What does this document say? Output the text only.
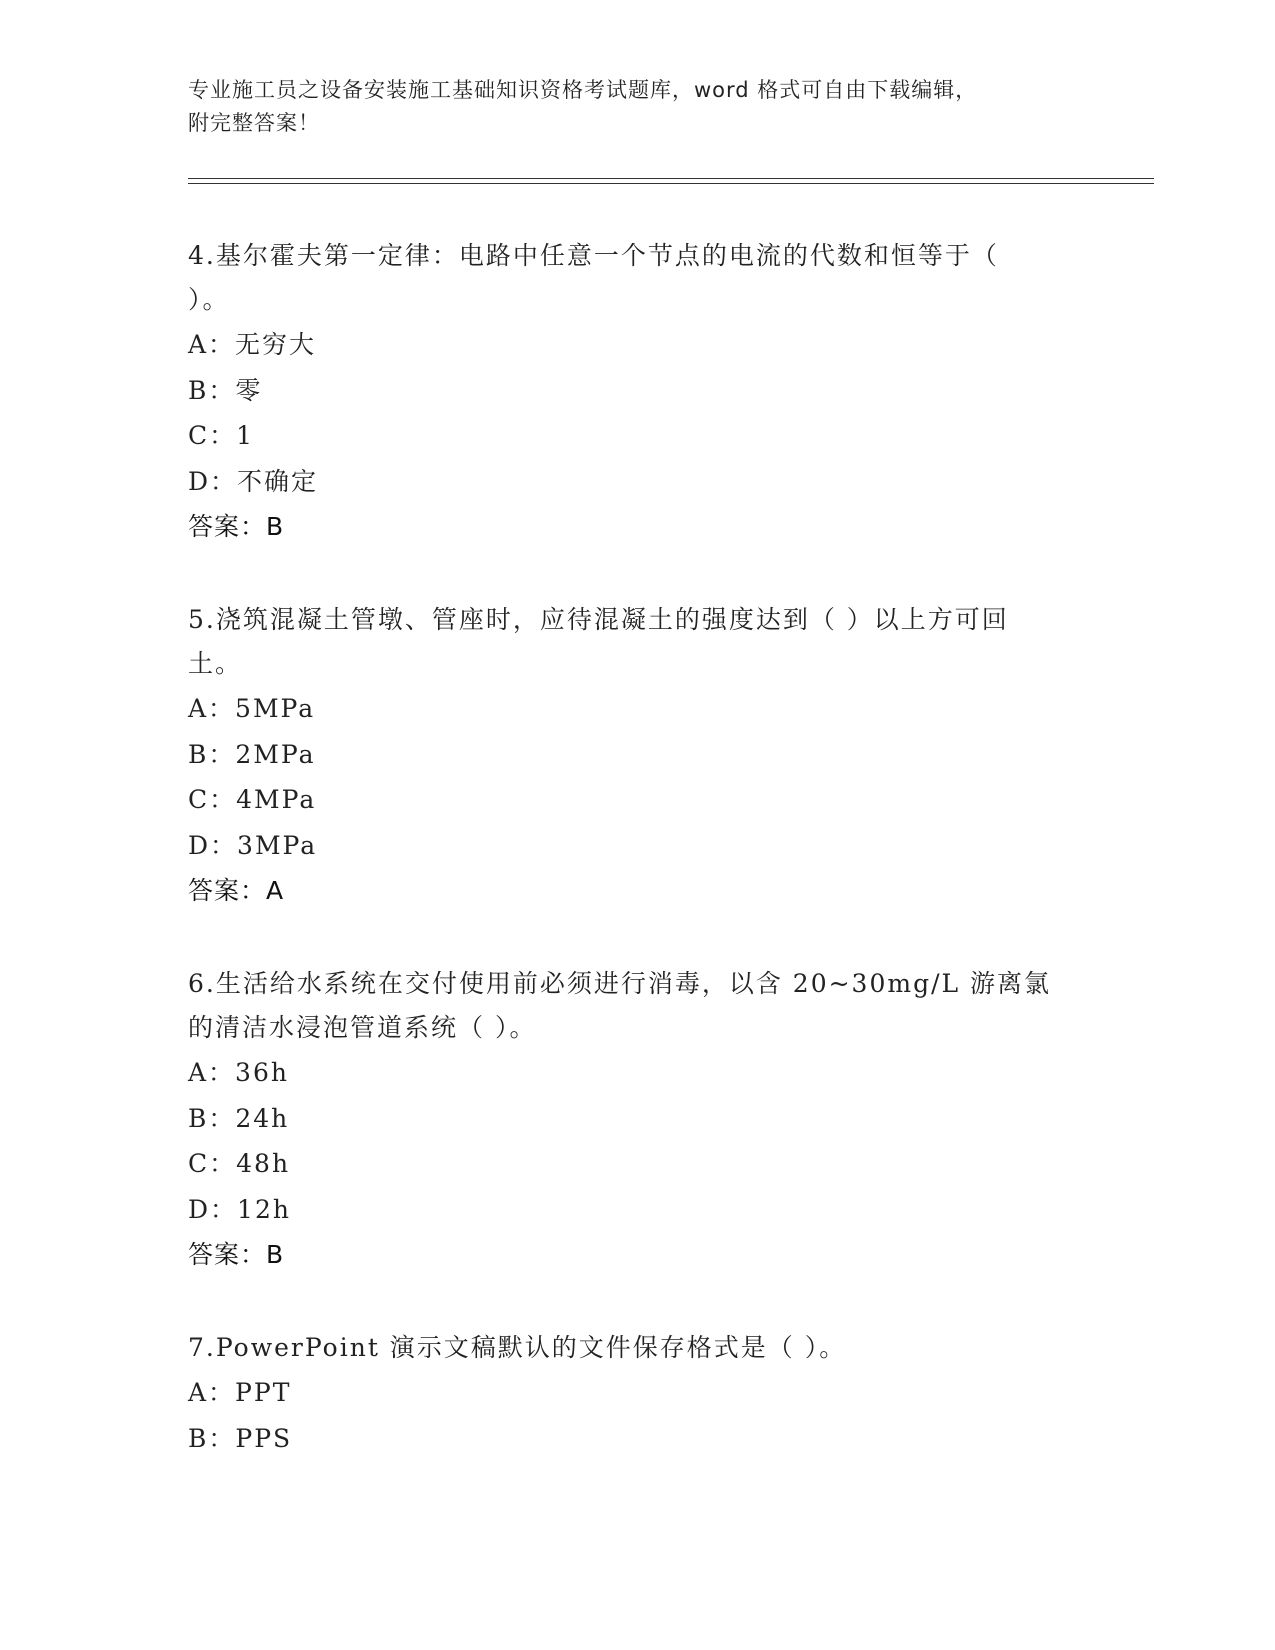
专业施工员之设备安装施工基础知识资格考试题库，word 格式可自由下载编辑，
附完整答案！

4.基尔霍夫第一定律：电路中任意一个节点的电流的代数和恒等于（
）。

A：无穷大

B：零

C：1

D：不确定

答案：B

5.浇筑混凝土管墩、管座时，应待混凝土的强度达到（ ）以上方可回
土。

A：5MPa

B：2MPa

C：4MPa

D：3MPa

答案：A

6.生活给水系统在交付使用前必须进行消毒，以含 20~30mg/L 游离氯
的清洁水浸泡管道系统（ ）。

A：36h

B：24h

C：48h

D：12h

答案：B

7.PowerPoint 演示文稿默认的文件保存格式是（ ）。

A：PPT

B：PPS
